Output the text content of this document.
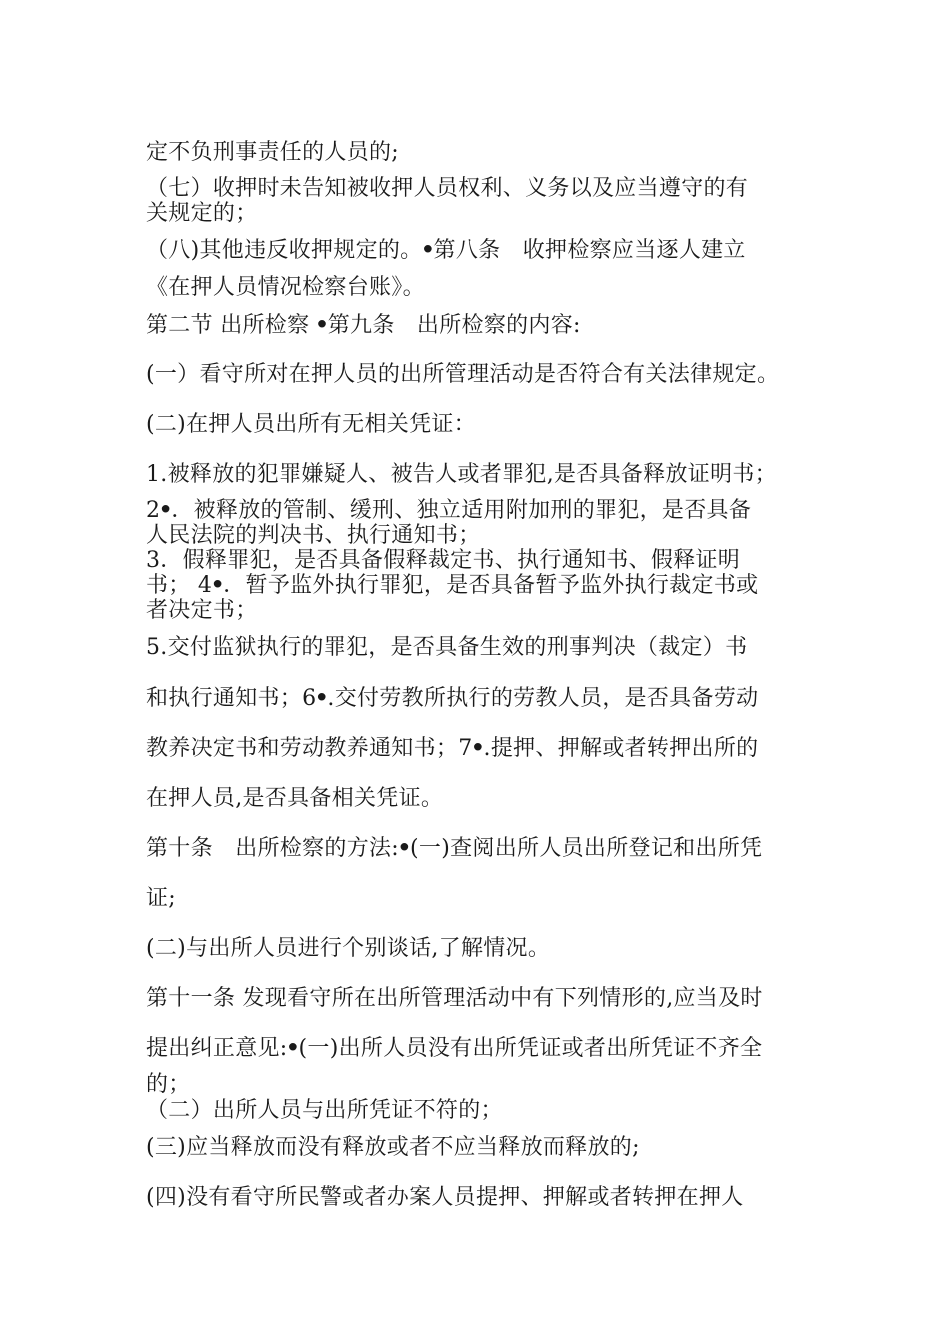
定不负刑事责任的人员的;
（七）收押时未告知被收押人员权利、义务以及应当遵守的有
关规定的；
（八)其他违反收押规定的。ꔷ第八条　收押检察应当逐人建立
《在押人员情况检察台账》。
第二节 出所检察 ꔷ第九条　出所检察的内容:
(一）看守所对在押人员的出所管理活动是否符合有关法律规定。
(二)在押人员出所有无相关凭证：
1.被释放的犯罪嫌疑人、被告人或者罪犯,是否具备释放证明书；
2ꔷ．被释放的管制、缓刑、独立适用附加刑的罪犯，是否具备
人民法院的判决书、执行通知书；
3．假释罪犯，是否具备假释裁定书、执行通知书、假释证明
书； 4ꔷ．暂予监外执行罪犯，是否具备暂予监外执行裁定书或
者决定书；
5.交付监狱执行的罪犯，是否具备生效的刑事判决（裁定）书
和执行通知书；6ꔷ.交付劳教所执行的劳教人员，是否具备劳动
教养决定书和劳动教养通知书；7ꔷ.提押、押解或者转押出所的
在押人员,是否具备相关凭证。
第十条　出所检察的方法:ꔷ(一)查阅出所人员出所登记和出所凭
证;
(二)与出所人员进行个别谈话,了解情况。
第十一条 发现看守所在出所管理活动中有下列情形的,应当及时
提出纠正意见:ꔷ(一)出所人员没有出所凭证或者出所凭证不齐全
的；
（二）出所人员与出所凭证不符的；
(三)应当释放而没有释放或者不应当释放而释放的;
(四)没有看守所民警或者办案人员提押、押解或者转押在押人
